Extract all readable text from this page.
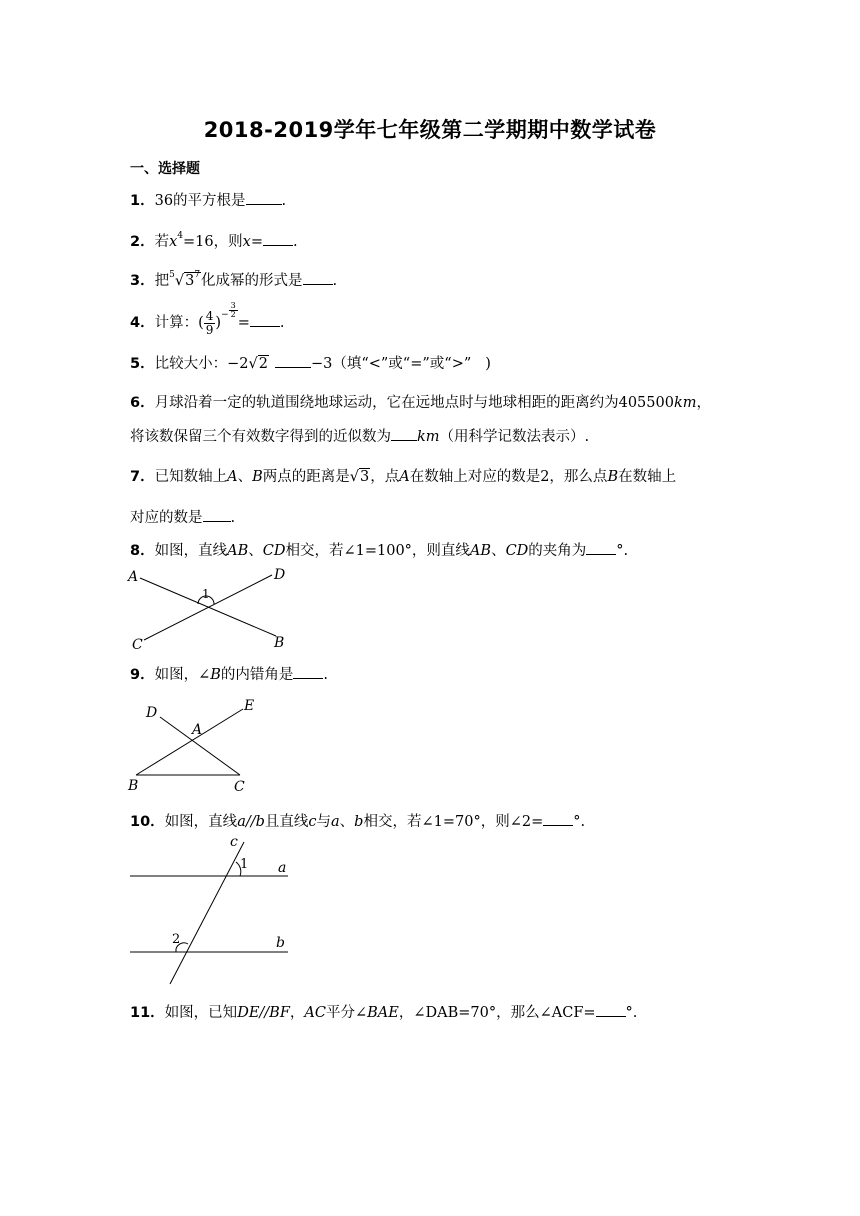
2018-2019学年七年级第二学期期中数学试卷
一、选择题
1．36的平方根是 .
2．若$x^4=16$，则x= .
3．把$^5√3^7$化成幂的形式是 .
4．计算：( $\frac{4}{9} )^- \frac{3}{2}$
= .
5．比较大小：−2√2	−3（填“<”或“=”或“>” )
6．月球沿着一定的轨道围绕地球运动，它在远地点时与地球相距的距离约为405500km，
将该数保留三个有效数字得到的近似数为 km（用科学记数法表示）.
7．已知数轴上A、B两点的距离是√3，点A在数轴上对应的数是2，那么点B在数轴上
对应的数是 .
8．如图，直线AB、CD相交，若∠1=100°，则直线AB、CD的夹角为 °.
A	D
1
C	B
9．如图，∠B的内错角是 .
D	E
A
B	C
10．如图，直线a//b且直线c与a、b相交，若∠1=70°，则∠2= °.
c
1 a
2	b
11．如图，已知DE//BF，AC平分∠BAE，∠DAB=70°，那么∠ACF= °.
